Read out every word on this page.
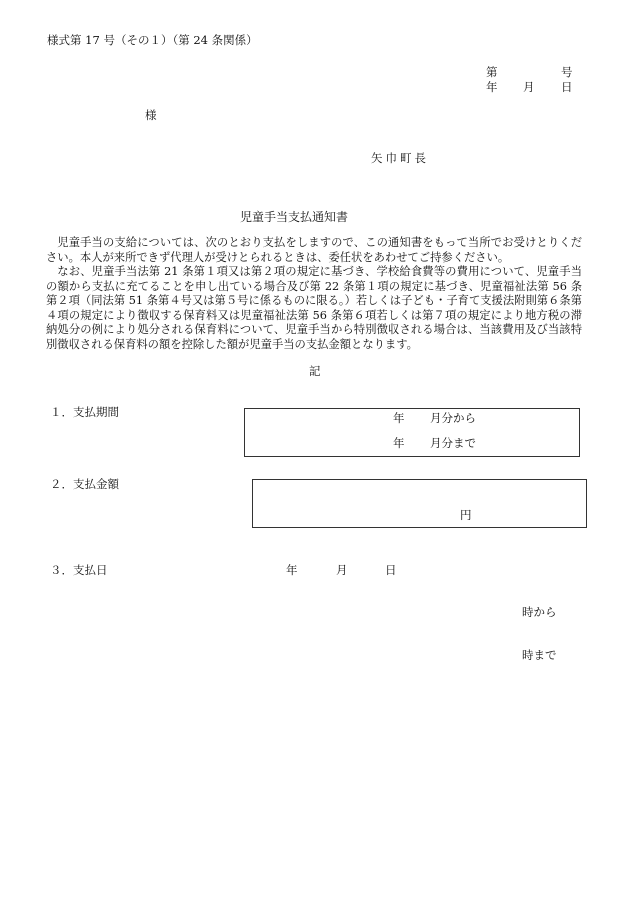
様式第 17 号（その１）（第 24 条関係）
第	号
年 月 日
様
矢巾町長
児童手当支払通知書

児童手当の支給については、次のとおり支払をしますので、この通知書をもって当所でお受けとりください。本人が来所できず代理人が受けとられるときは、委任状をあわせてご持参ください。

なお、児童手当法第 21 条第１項又は第２項の規定に基づき、学校給食費等の費用について、児童手当の額から支払に充てることを申し出ている場合及び第 22 条第１項の規定に基づき、児童福祉法第 56 条第２項（同法第 51 条第４号又は第５号に係るものに限る。）若しくは子ども・子育て支援法附則第６条第４項の規定により徴収する保育料又は児童福祉法第 56 条第６項若しくは第７項の規定により地方税の滞納処分の例により処分される保育料について、児童手当から特別徴収される場合は、当該費用及び当該特別徴収される保育料の額を控除した額が児童手当の支払金額となります。

記
１．支払期間	年 月分から
年 月分まで
２．支払金額
円
３．支払日	年	月	日
時から
時まで
